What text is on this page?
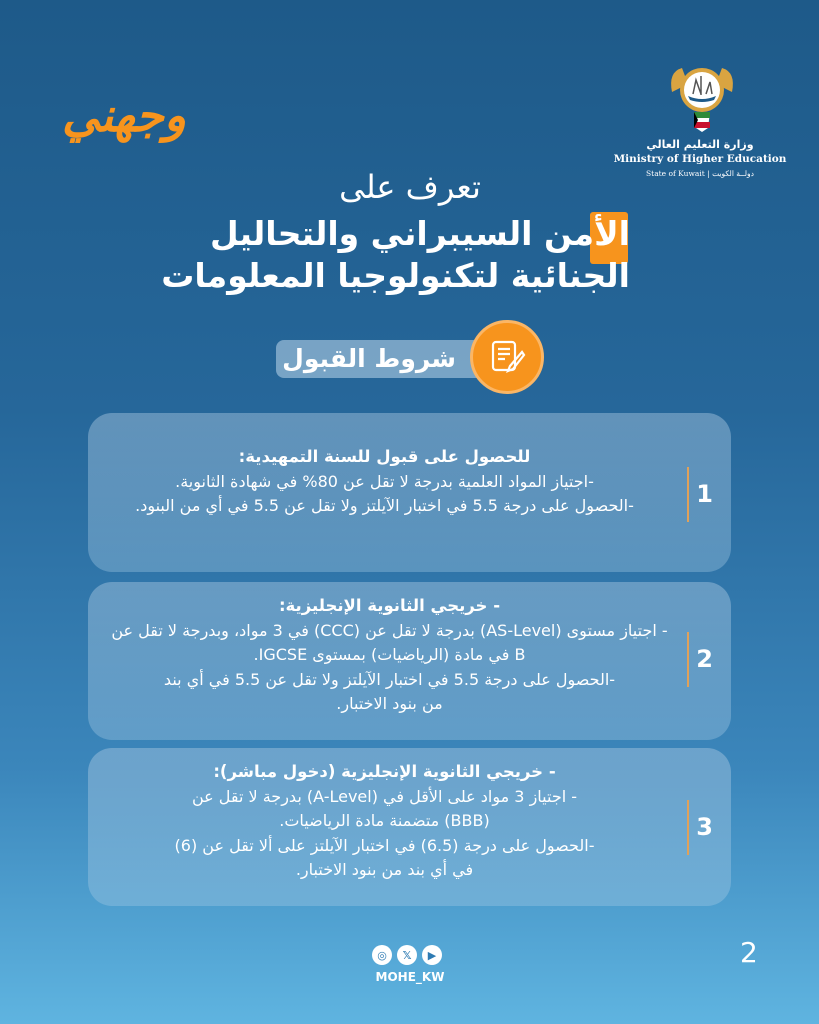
وجهني
وزارة التعليم العالي
Ministry of Higher Education
State of Kuwait | دولــة الكويت
تعرف على
الأمن السيبراني والتحاليل
الجنائية لتكنولوجيا المعلومات
شروط القبول
للحصول على قبول للسنة التمهيدية:
-اجتياز المواد العلمية بدرجة لا تقل عن 80% في شهادة الثانوية.
-الحصول على درجة 5.5 في اختبار الآيلتز ولا تقل عن 5.5 في أي من البنود.	1
- خريجي الثانوية الإنجليزية:
- اجتياز مستوى (AS-Level) بدرجة لا تقل عن (CCC) في 3 مواد، وبدرجة لا تقل عن B في مادة (الرياضيات) بمستوى IGCSE.
-الحصول على درجة 5.5 في اختبار الآيلتز ولا تقل عن 5.5 في أي بند من بنود الاختبار.
2
- خريجي الثانوية الإنجليزية (دخول مباشر):
- اجتياز 3 مواد على الأقل في (A-Level) بدرجة لا تقل عن (BBB) متضمنة مادة الرياضيات.
-الحصول على درجة (6.5) في اختبار الآيلتز على ألا تقل عن (6) في أي بند من بنود الاختبار.
3
◎	𝕏	▶
MOHE_KW
2
